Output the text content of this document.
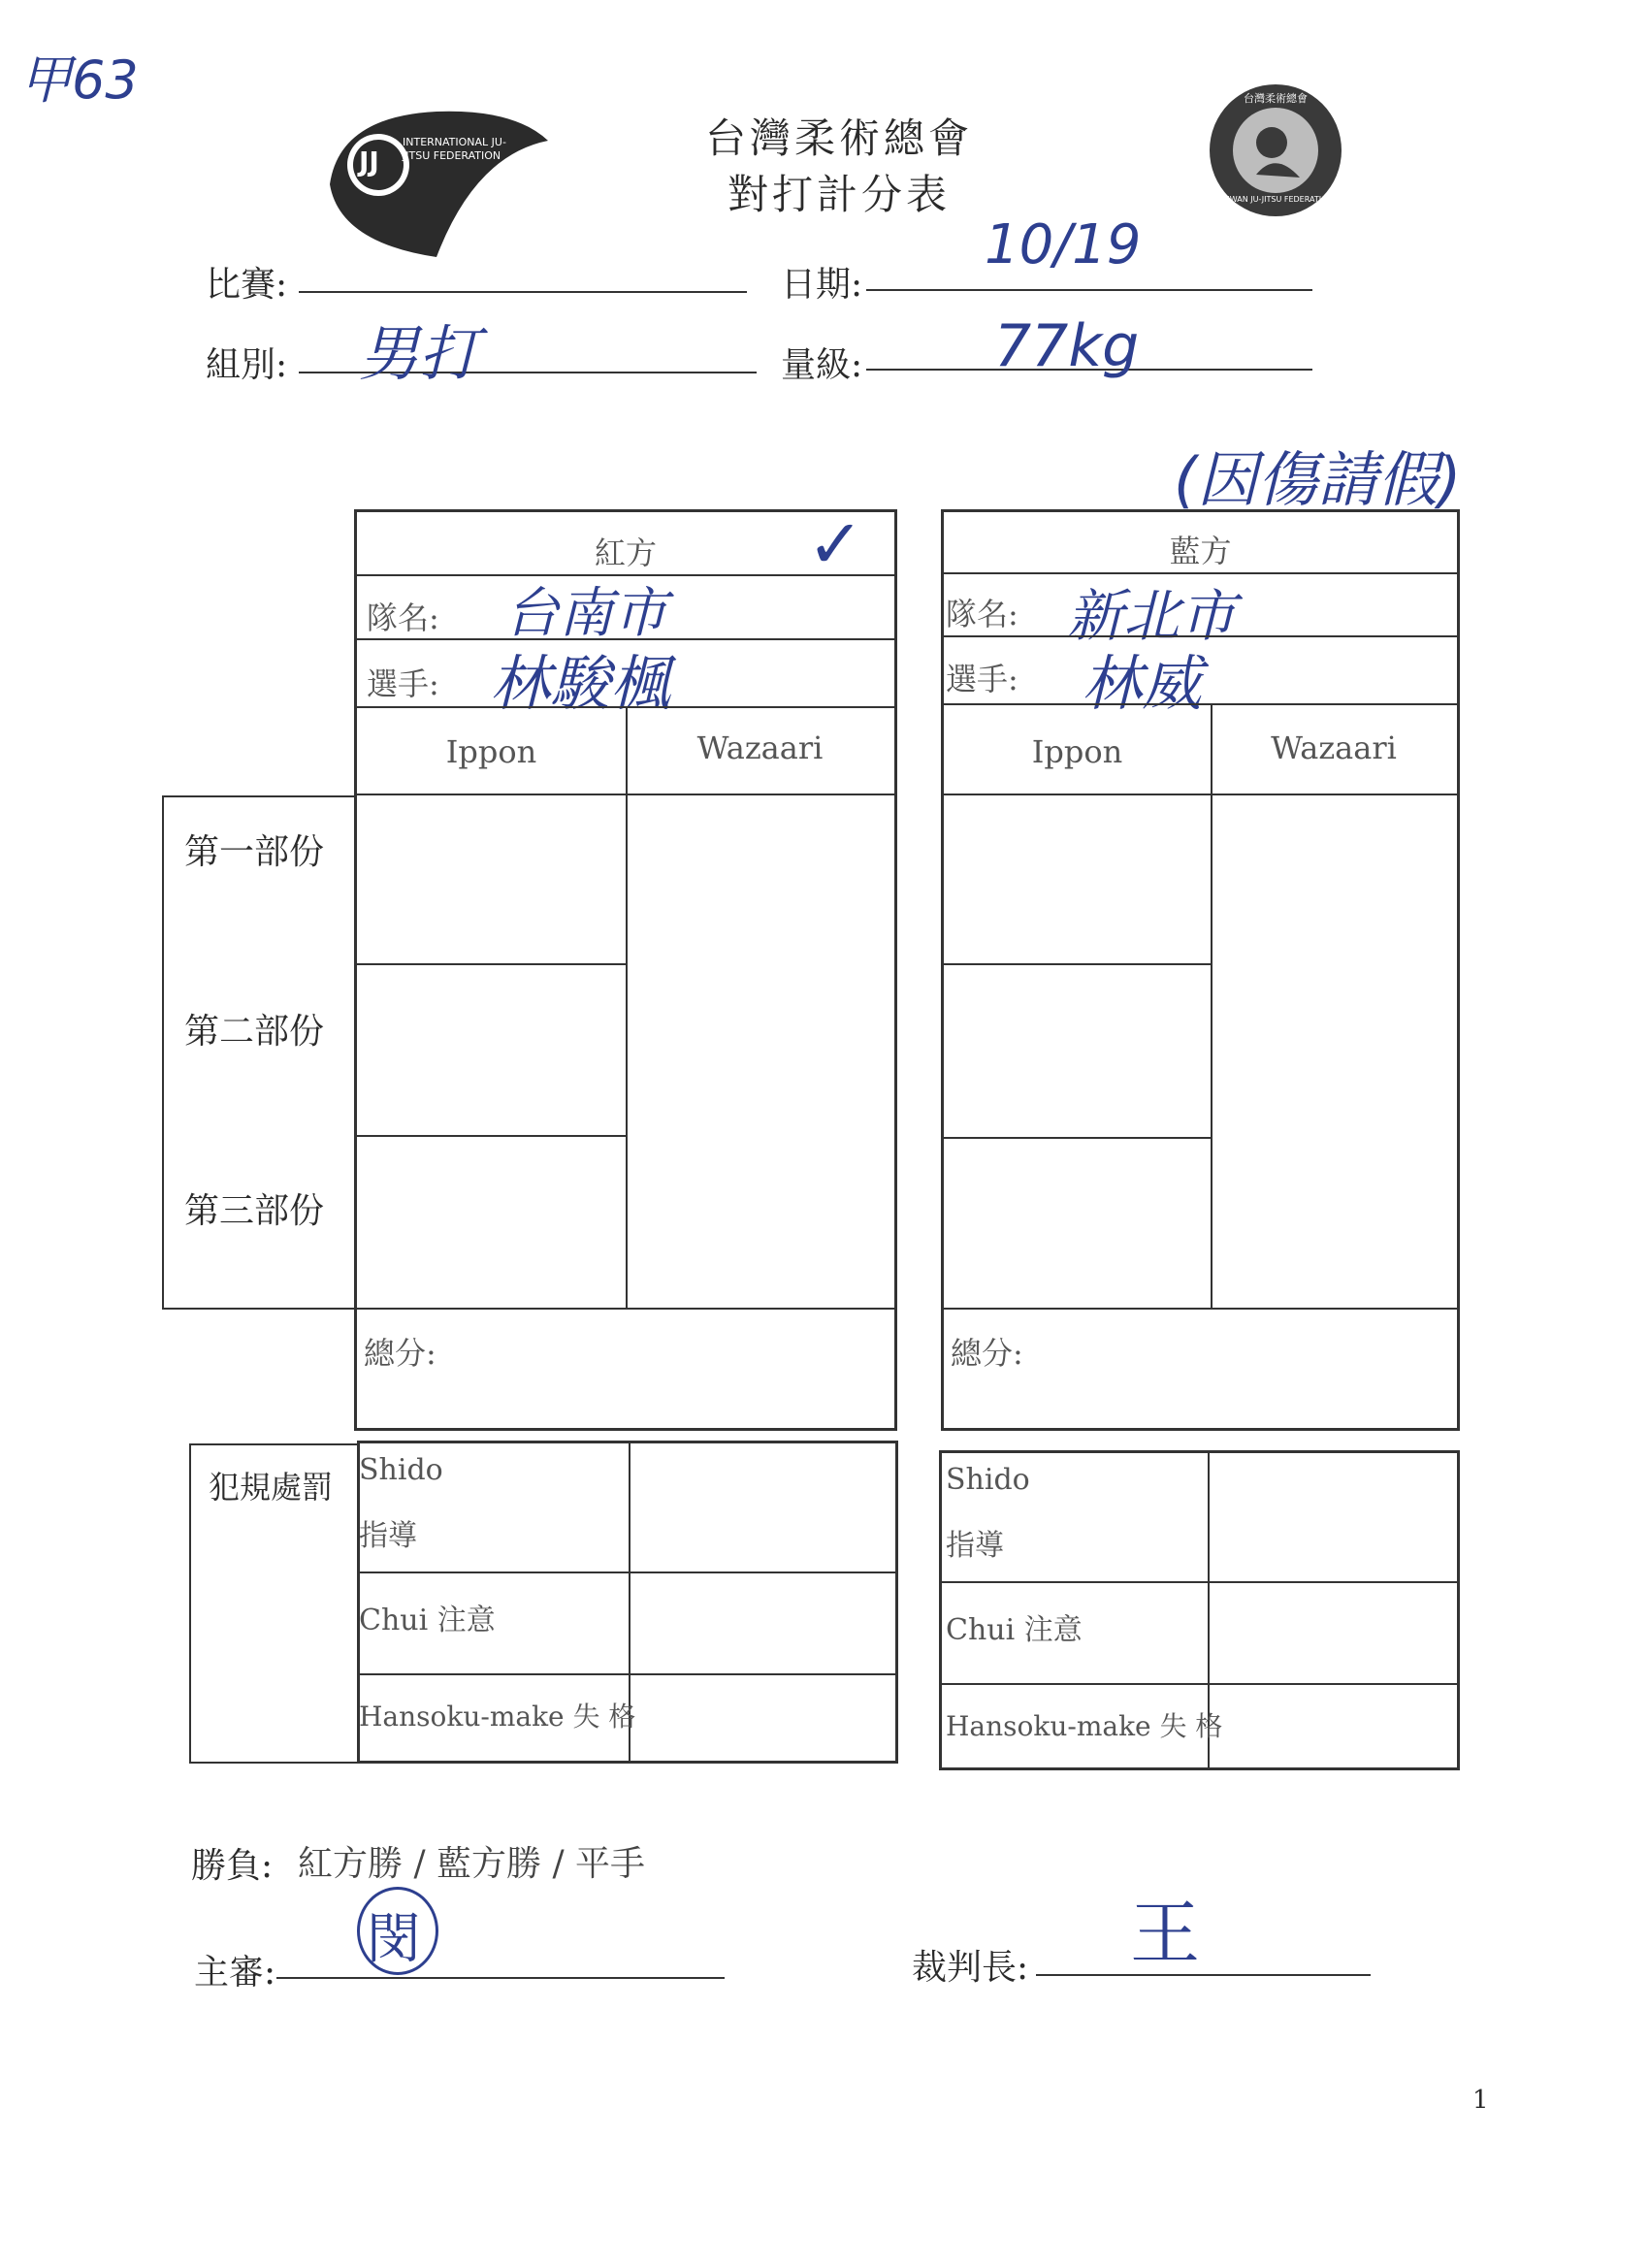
甲63
JJ
INTERNATIONAL JU-JITSU FEDERATION	台灣柔術總會
對打計分表
台灣柔術總會
TAIWAN JU-JITSU FEDERATION
比賽:	日期:
10/19
組別: 男打	量級: 77kg
(因傷請假)
紅方	✓
隊名: 台南市
選手: 林駿楓
Ippon	Wazaari
總分:
藍方
隊名: 新北市
選手: 林威
Ippon	Wazaari
總分:
第一部份
第二部份
第三部份
犯規處罰 Shido
指導
Chui 注意
Hansoku-make 失 格
Shido
指導
Chui 注意
Hansoku-make 失 格
勝負: 紅方勝 / 藍方勝 / 平手
主審:
閔	裁判長: 王
1
